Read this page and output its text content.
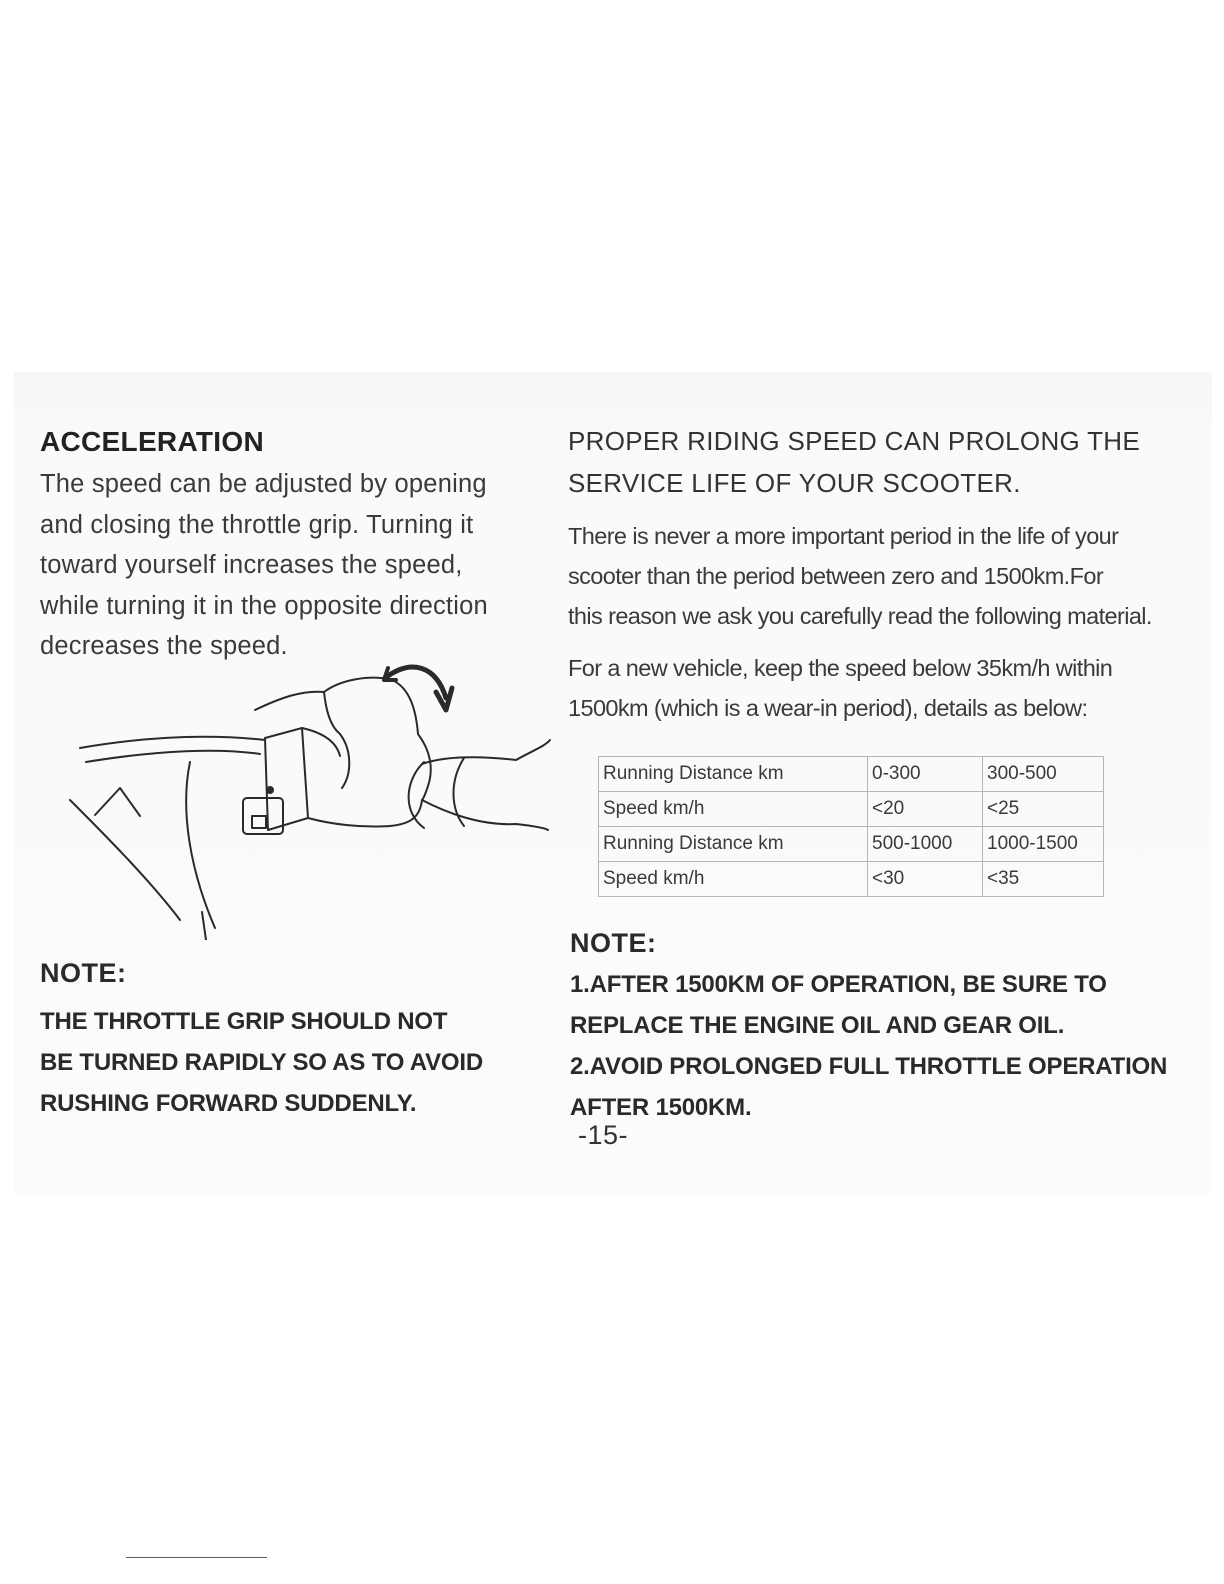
ACCELERATION

The speed can be adjusted by opening
and closing the throttle grip. Turning it
toward yourself increases the speed,
while turning it in the opposite direction
decreases the speed.

NOTE:

THE THROTTLE GRIP SHOULD NOT
BE TURNED RAPIDLY SO AS TO AVOID
RUSHING FORWARD SUDDENLY.

PROPER RIDING SPEED CAN PROLONG THE
SERVICE LIFE OF YOUR SCOOTER.

There is never a more important period in the life of your
scooter than the period between zero and 1500km.For
this reason we ask you carefully read the following material.

For a new vehicle, keep the speed below 35km/h within
1500km (which is a wear-in period), details as below:

Running Distance km	0-300	300-500
Speed km/h	<20	<25
Running Distance km	500-1000	1000-1500
Speed km/h	<30	<35
NOTE:

1.AFTER 1500KM OF OPERATION, BE SURE TO
REPLACE THE ENGINE OIL AND GEAR OIL.

2.AVOID PROLONGED FULL THROTTLE OPERATION
AFTER 1500KM.

-15-
